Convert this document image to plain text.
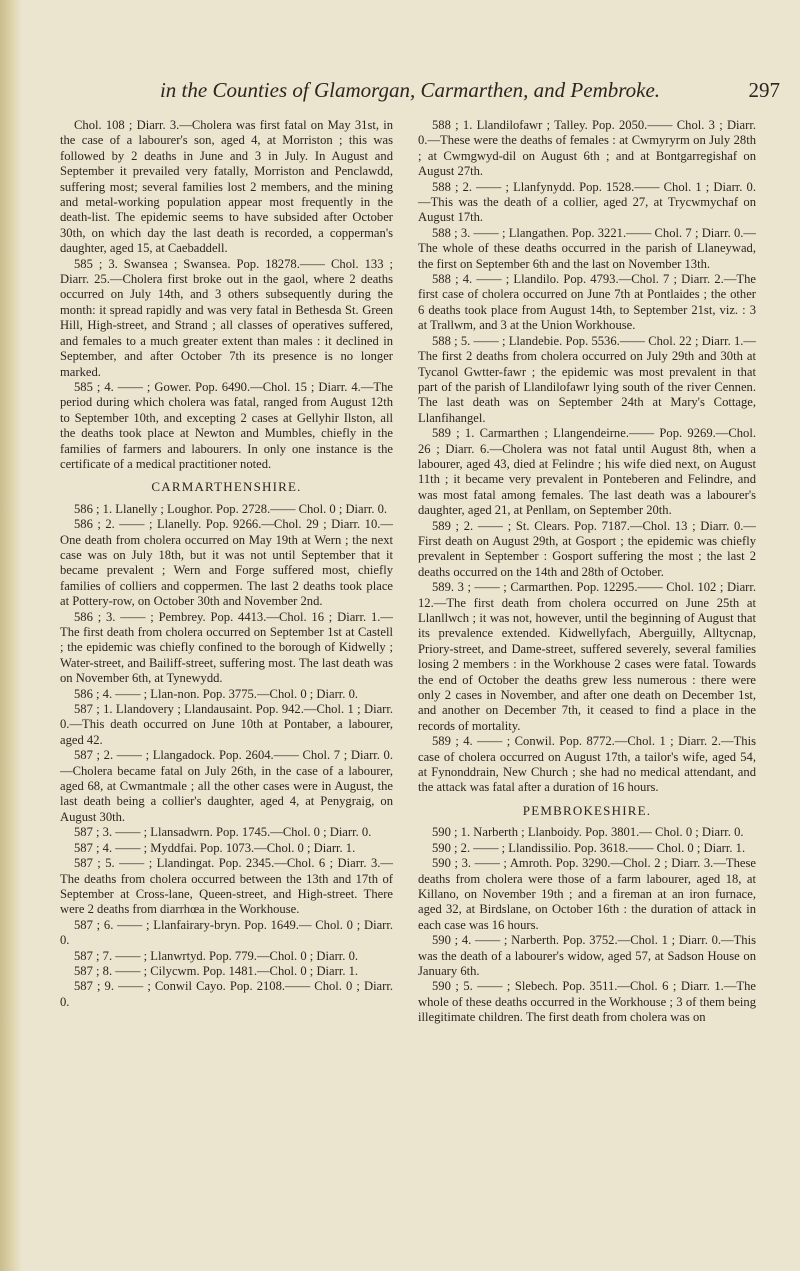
in the Counties of Glamorgan, Carmarthen, and Pembroke.	297

Chol. 108 ; Diarr. 3.—Cholera was first fatal on May 31st, in the case of a labourer's son, aged 4, at Morriston ; this was followed by 2 deaths in June and 3 in July. In August and September it prevailed very fatally, Morriston and Penclawdd, suffering most; several families lost 2 members, and the mining and metal-working population appear most frequently in the death-list. The epidemic seems to have subsided after October 30th, on which day the last death is recorded, a copperman's daughter, aged 15, at Caebaddell.

585 ; 3. Swansea ; Swansea. Pop. 18278.—— Chol. 133 ; Diarr. 25.—Cholera first broke out in the gaol, where 2 deaths occurred on July 14th, and 3 others subsequently during the month: it spread rapidly and was very fatal in Bethesda St. Green Hill, High-street, and Strand ; all classes of operatives suffered, and females to a much greater extent than males : it declined in September, and after October 7th its presence is no longer marked.

585 ; 4. —— ; Gower. Pop. 6490.—Chol. 15 ; Diarr. 4.—The period during which cholera was fatal, ranged from August 12th to September 10th, and excepting 2 cases at Gellyhir Ilston, all the deaths took place at Newton and Mumbles, chiefly in the families of farmers and labourers. In only one instance is the certificate of a medical practitioner noted.

CARMARTHENSHIRE.

586 ; 1. Llanelly ; Loughor. Pop. 2728.—— Chol. 0 ; Diarr. 0.

586 ; 2. —— ; Llanelly. Pop. 9266.—Chol. 29 ; Diarr. 10.—One death from cholera occurred on May 19th at Wern ; the next case was on July 18th, but it was not until September that it became prevalent ; Wern and Forge suffered most, chiefly families of colliers and coppermen. The last 2 deaths took place at Pottery-row, on October 30th and November 2nd.

586 ; 3. —— ; Pembrey. Pop. 4413.—Chol. 16 ; Diarr. 1.—The first death from cholera occurred on September 1st at Castell ; the epidemic was chiefly confined to the borough of Kidwelly ; Water-street, and Bailiff-street, suffering most. The last death was on November 6th, at Tynewydd.

586 ; 4. —— ; Llan-non. Pop. 3775.—Chol. 0 ; Diarr. 0.

587 ; 1. Llandovery ; Llandausaint. Pop. 942.—Chol. 1 ; Diarr. 0.—This death occurred on June 10th at Pontaber, a labourer, aged 42.

587 ; 2. —— ; Llangadock. Pop. 2604.—— Chol. 7 ; Diarr. 0.—Cholera became fatal on July 26th, in the case of a labourer, aged 68, at Cwmantmale ; all the other cases were in August, the last death being a collier's daughter, aged 4, at Penygraig, on August 30th.

587 ; 3. —— ; Llansadwrn. Pop. 1745.—Chol. 0 ; Diarr. 0.

587 ; 4. —— ; Myddfai. Pop. 1073.—Chol. 0 ; Diarr. 1.

587 ; 5. —— ; Llandingat. Pop. 2345.—Chol. 6 ; Diarr. 3.—The deaths from cholera occurred between the 13th and 17th of September at Cross-lane, Queen-street, and High-street. There were 2 deaths from diarrhœa in the Workhouse.

587 ; 6. —— ; Llanfairary-bryn. Pop. 1649.— Chol. 0 ; Diarr. 0.

587 ; 7. —— ; Llanwrtyd. Pop. 779.—Chol. 0 ; Diarr. 0.

587 ; 8. —— ; Cilycwm. Pop. 1481.—Chol. 0 ; Diarr. 1.

587 ; 9. —— ; Conwil Cayo. Pop. 2108.—— Chol. 0 ; Diarr. 0.

588 ; 1. Llandilofawr ; Talley. Pop. 2050.—— Chol. 3 ; Diarr. 0.—These were the deaths of females : at Cwmyryrm on July 28th ; at Cwmgwyd-dil on August 6th ; and at Bontgarregishaf on August 27th.

588 ; 2. —— ; Llanfynydd. Pop. 1528.—— Chol. 1 ; Diarr. 0.—This was the death of a collier, aged 27, at Trycwmychaf on August 17th.

588 ; 3. —— ; Llangathen. Pop. 3221.—— Chol. 7 ; Diarr. 0.—The whole of these deaths occurred in the parish of Llaneywad, the first on September 6th and the last on November 13th.

588 ; 4. —— ; Llandilo. Pop. 4793.—Chol. 7 ; Diarr. 2.—The first case of cholera occurred on June 7th at Pontlaides ; the other 6 deaths took place from August 14th, to September 21st, viz. : 3 at Trallwm, and 3 at the Union Workhouse.

588 ; 5. —— ; Llandebie. Pop. 5536.—— Chol. 22 ; Diarr. 1.—The first 2 deaths from cholera occurred on July 29th and 30th at Tycanol Gwtter-fawr ; the epidemic was most prevalent in that part of the parish of Llandilofawr lying south of the river Cennen. The last death was on September 24th at Mary's Cottage, Llanfihangel.

589 ; 1. Carmarthen ; Llangendeirne.—— Pop. 9269.—Chol. 26 ; Diarr. 6.—Cholera was not fatal until August 8th, when a labourer, aged 43, died at Felindre ; his wife died next, on August 11th ; it became very prevalent in Ponteberen and Felindre, and was most fatal among females. The last death was a labourer's daughter, aged 21, at Penllam, on September 20th.

589 ; 2. —— ; St. Clears. Pop. 7187.—Chol. 13 ; Diarr. 0.—First death on August 29th, at Gosport ; the epidemic was chiefly prevalent in September : Gosport suffering the most ; the last 2 deaths occurred on the 14th and 28th of October.

589. 3 ; —— ; Carmarthen. Pop. 12295.—— Chol. 102 ; Diarr. 12.—The first death from cholera occurred on June 25th at Llanllwch ; it was not, however, until the beginning of August that its prevalence extended. Kidwellyfach, Aberguilly, Alltycnap, Priory-street, and Dame-street, suffered severely, several families losing 2 members : in the Workhouse 2 cases were fatal. Towards the end of October the deaths grew less numerous : there were only 2 cases in November, and after one death on December 1st, and another on December 7th, it ceased to find a place in the records of mortality.

589 ; 4. —— ; Conwil. Pop. 8772.—Chol. 1 ; Diarr. 2.—This case of cholera occurred on August 17th, a tailor's wife, aged 54, at Fynonddrain, New Church ; she had no medical attendant, and the attack was fatal after a duration of 16 hours.

PEMBROKESHIRE.

590 ; 1. Narberth ; Llanboidy. Pop. 3801.— Chol. 0 ; Diarr. 0.

590 ; 2. —— ; Llandissilio. Pop. 3618.—— Chol. 0 ; Diarr. 1.

590 ; 3. —— ; Amroth. Pop. 3290.—Chol. 2 ; Diarr. 3.—These deaths from cholera were those of a farm labourer, aged 18, at Killano, on November 19th ; and a fireman at an iron furnace, aged 32, at Birdslane, on October 16th : the duration of attack in each case was 16 hours.

590 ; 4. —— ; Narberth. Pop. 3752.—Chol. 1 ; Diarr. 0.—This was the death of a labourer's widow, aged 57, at Sadson House on January 6th.

590 ; 5. —— ; Slebech. Pop. 3511.—Chol. 6 ; Diarr. 1.—The whole of these deaths occurred in the Workhouse ; 3 of them being illegitimate children. The first death from cholera was on
